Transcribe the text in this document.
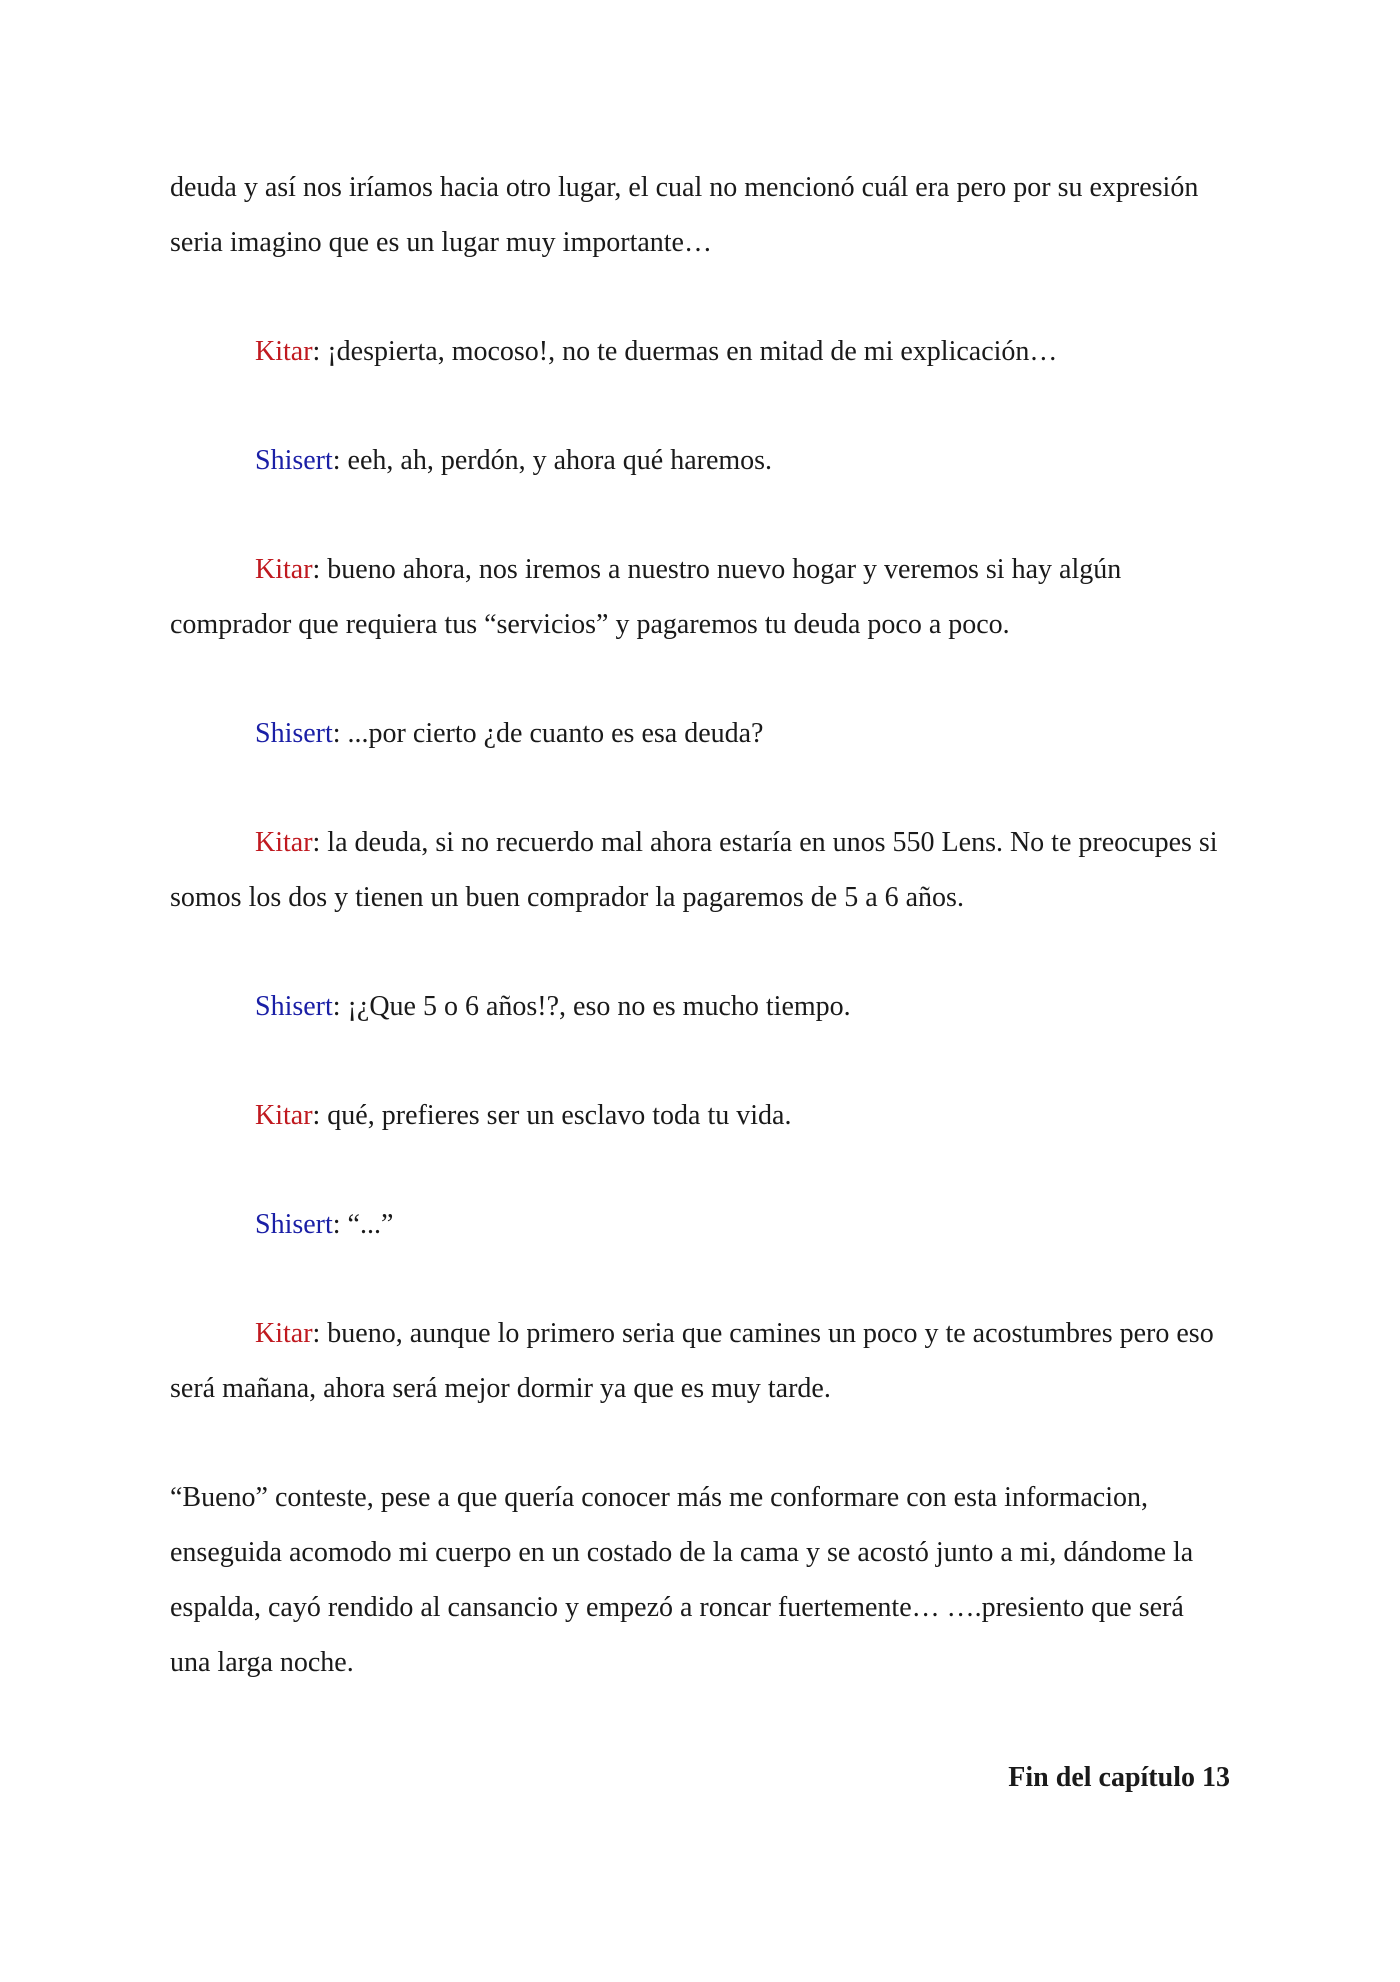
deuda y así nos iríamos hacia otro lugar, el cual no mencionó cuál era pero por su expresión seria imagino que es un lugar muy importante…

Kitar: ¡despierta, mocoso!, no te duermas en mitad de mi explicación…

Shisert: eeh, ah, perdón, y ahora qué haremos.

Kitar: bueno ahora, nos iremos a nuestro nuevo hogar y veremos si hay algún comprador que requiera tus “servicios” y pagaremos tu deuda poco a poco.

Shisert: ...por cierto ¿de cuanto es esa deuda?

Kitar: la deuda, si no recuerdo mal ahora estaría en unos 550 Lens. No te preocupes si somos los dos y tienen un buen comprador la pagaremos de 5 a 6 años.

Shisert: ¡¿Que 5 o 6 años!?, eso no es mucho tiempo.

Kitar: qué, prefieres ser un esclavo toda tu vida.

Shisert: “...”

Kitar: bueno, aunque lo primero seria que camines un poco y te acostumbres pero eso será mañana, ahora será mejor dormir ya que es muy tarde.

“Bueno” conteste, pese a que quería conocer más me conformare con esta informacion, enseguida acomodo mi cuerpo en un costado de la cama y se acostó junto a mi, dándome la espalda, cayó rendido al cansancio y empezó a roncar fuertemente… ….presiento que será una larga noche.

Fin del capítulo 13
